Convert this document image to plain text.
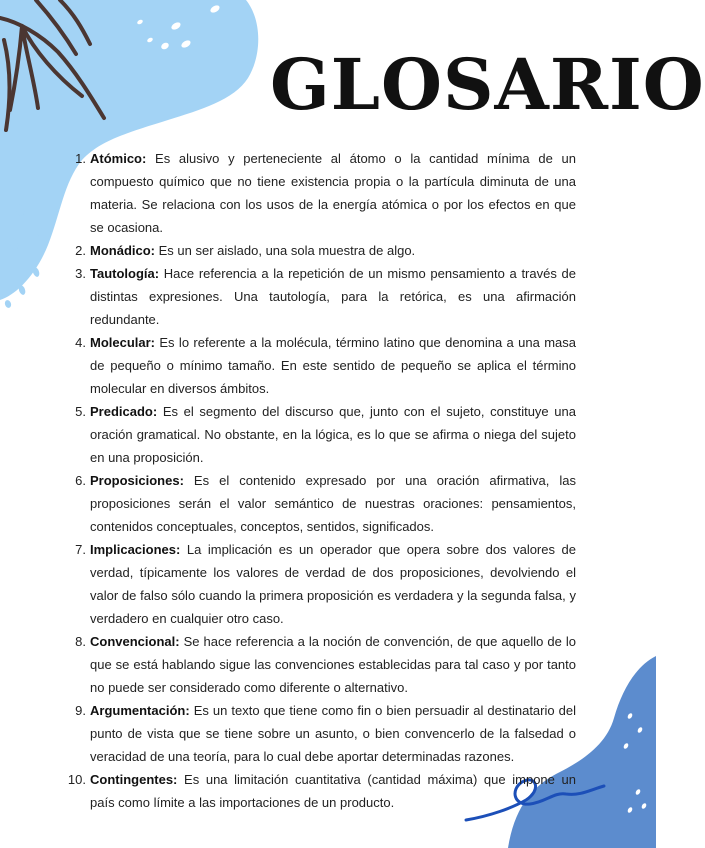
GLOSARIO
1. Atómico: Es alusivo y perteneciente al átomo o la cantidad mínima de un compuesto químico que no tiene existencia propia o la partícula diminuta de una materia. Se relaciona con los usos de la energía atómica o por los efectos en que se ocasiona.
2. Monádico: Es un ser aislado, una sola muestra de algo.
3. Tautología: Hace referencia a la repetición de un mismo pensamiento a través de distintas expresiones. Una tautología, para la retórica, es una afirmación redundante.
4. Molecular: Es lo referente a la molécula, término latino que denomina a una masa de pequeño o mínimo tamaño. En este sentido de pequeño se aplica el término molecular en diversos ámbitos.
5. Predicado: Es el segmento del discurso que, junto con el sujeto, constituye una oración gramatical. No obstante, en la lógica, es lo que se afirma o niega del sujeto en una proposición.
6. Proposiciones: Es el contenido expresado por una oración afirmativa, las proposiciones serán el valor semántico de nuestras oraciones: pensamientos, contenidos conceptuales, conceptos, sentidos, significados.
7. Implicaciones: La implicación es un operador que opera sobre dos valores de verdad, típicamente los valores de verdad de dos proposiciones, devolviendo el valor de falso sólo cuando la primera proposición es verdadera y la segunda falsa, y verdadero en cualquier otro caso.
8. Convencional: Se hace referencia a la noción de convención, de que aquello de lo que se está hablando sigue las convenciones establecidas para tal caso y por tanto no puede ser considerado como diferente o alternativo.
9. Argumentación: Es un texto que tiene como fin o bien persuadir al destinatario del punto de vista que se tiene sobre un asunto, o bien convencerlo de la falsedad o veracidad de una teoría, para lo cual debe aportar determinadas razones.
10. Contingentes: Es una limitación cuantitativa (cantidad máxima) que impone un país como límite a las importaciones de un producto.
